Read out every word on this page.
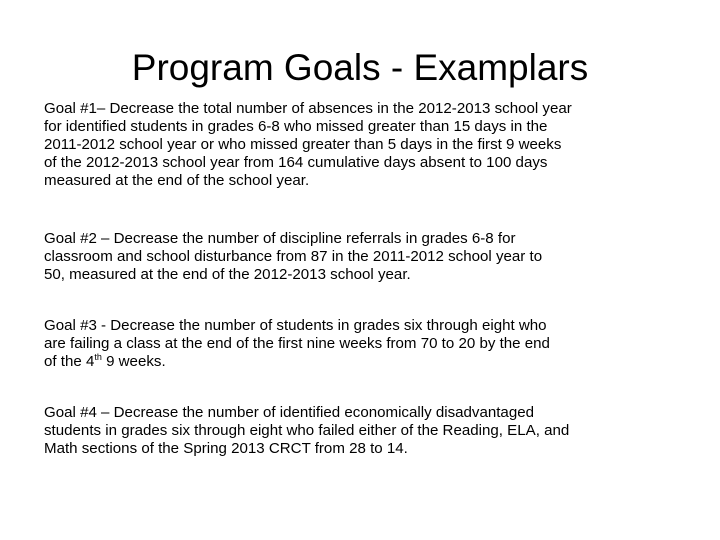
Program Goals - Examplars

Goal #1– Decrease the total number of absences in the 2012-2013 school year
for identified students in grades 6-8 who missed greater than 15 days in the
2011-2012 school year or who missed greater than 5 days in the first 9 weeks
of the 2012-2013 school year from 164 cumulative days absent to 100 days
measured at the end of the school year.

Goal #2 – Decrease the number of discipline referrals in grades 6-8 for
classroom and school disturbance from 87 in the 2011-2012 school year to
50, measured at the end of the 2012-2013 school year.

Goal #3 - Decrease the number of students in grades six through eight who
are failing a class at the end of the first nine weeks from 70 to 20 by the end
of the 4th 9 weeks.

Goal #4 – Decrease the number of identified economically disadvantaged
students in grades six through eight who failed either of the Reading, ELA, and
Math sections of the Spring 2013 CRCT from 28 to 14.
